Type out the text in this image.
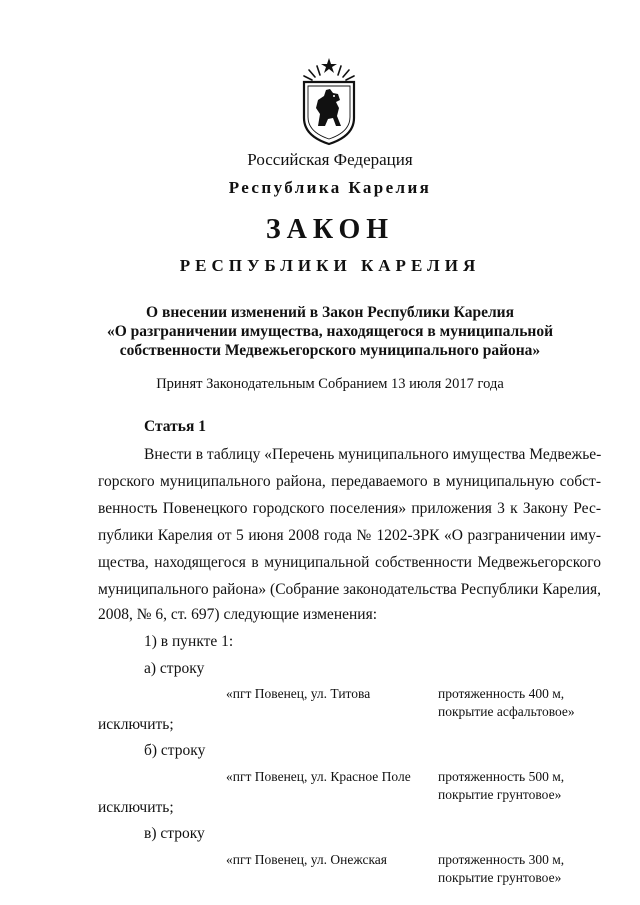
Российская Федерация
Республика Карелия
ЗАКОН
РЕСПУБЛИКИ КАРЕЛИЯ
О внесении изменений в Закон Республики Карелия
«О разграничении имущества, находящегося в муниципальной
собственности Медвежьегорского муниципального района»
Принят Законодательным Собранием 13 июля 2017 года
Статья 1
Внести в таблицу «Перечень муниципального имущества Медвежье-
горского муниципального района, передаваемого в муниципальную собст-
венность Повенецкого городского поселения» приложения 3 к Закону Рес-
публики Карелия от 5 июня 2008 года № 1202-ЗРК «О разграничении иму-
щества, находящегося в муниципальной собственности Медвежьегорского
муниципального района» (Собрание законодательства Республики Карелия,
2008, № 6, ст. 697) следующие изменения:
1) в пункте 1:
а) строку
«пгт Повенец, ул. Титова	протяженность 400 м,
покрытие асфальтовое»
исключить;
б) строку
«пгт Повенец, ул. Красное Поле протяженность 500 м,
покрытие грунтовое»
исключить;
в) строку
«пгт Повенец, ул. Онежская	протяженность 300 м,
покрытие грунтовое»
